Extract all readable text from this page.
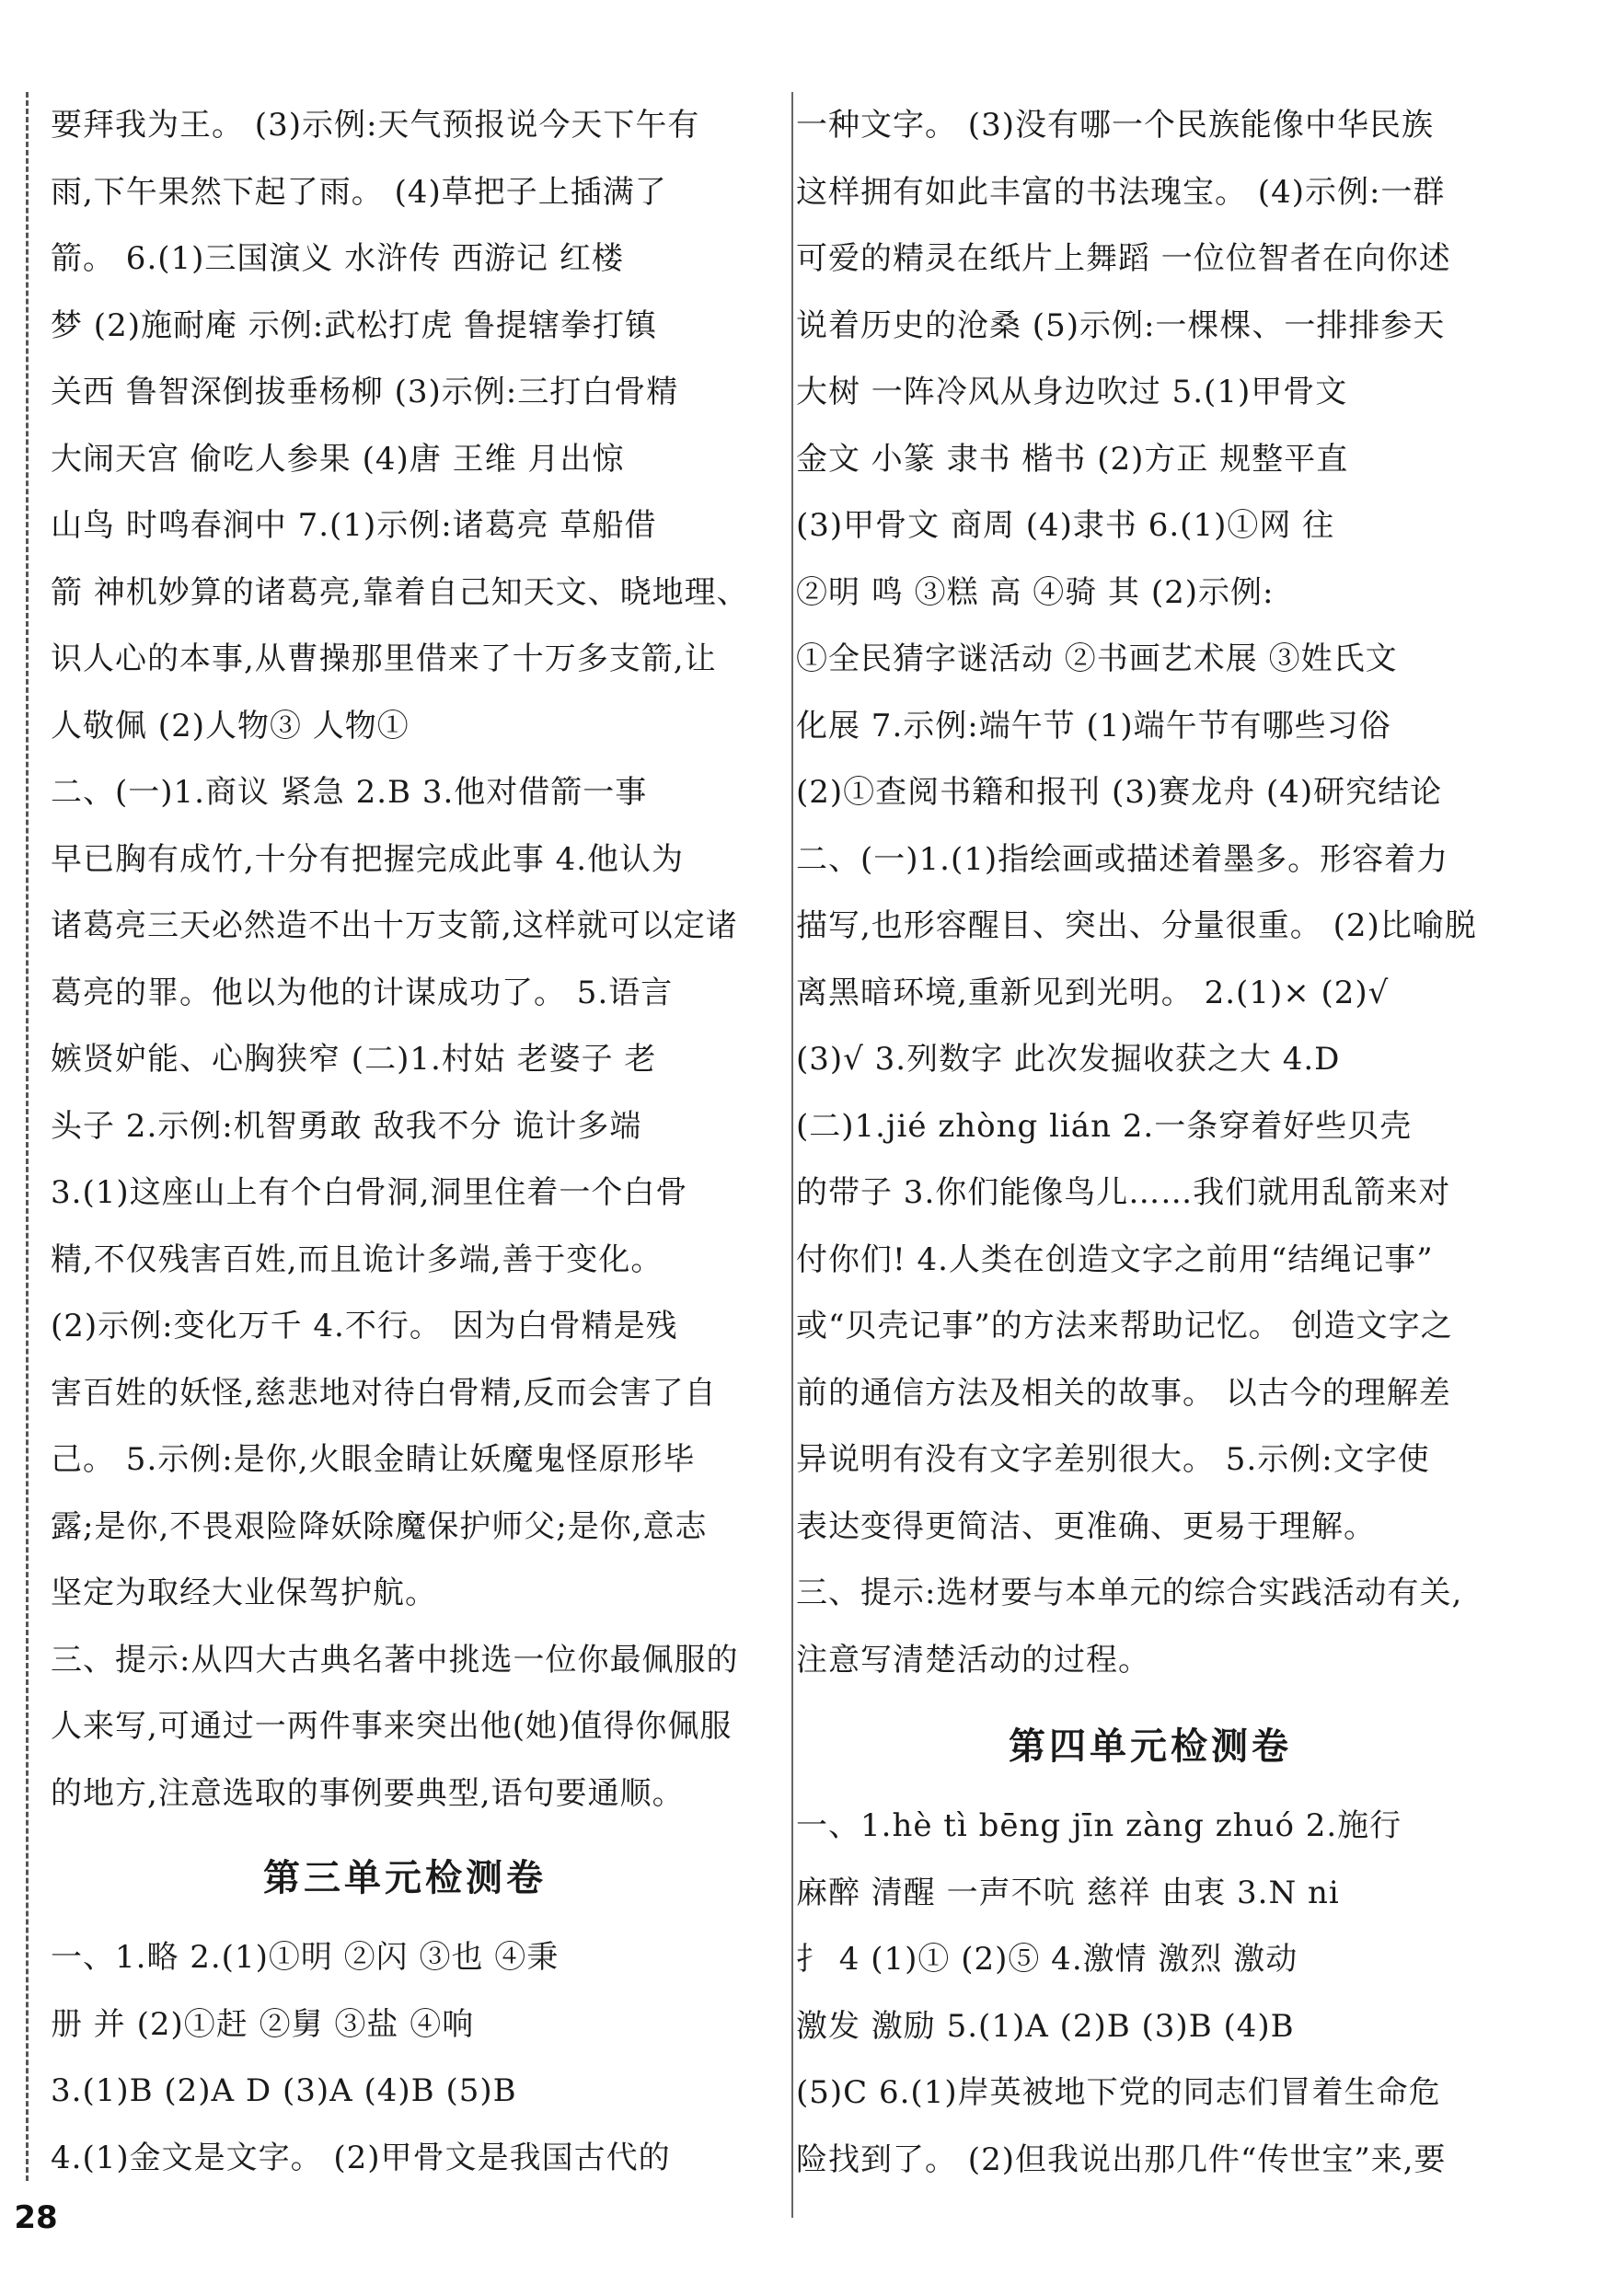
要拜我为王。 (3)示例:天气预报说今天下午有
雨,下午果然下起了雨。 (4)草把子上插满了
箭。 6.(1)三国演义 水浒传 西游记 红楼
梦 (2)施耐庵 示例:武松打虎 鲁提辖拳打镇
关西 鲁智深倒拔垂杨柳 (3)示例:三打白骨精
大闹天宫 偷吃人参果 (4)唐 王维 月出惊
山鸟 时鸣春涧中 7.(1)示例:诸葛亮 草船借
箭 神机妙算的诸葛亮,靠着自己知天文、晓地理、
识人心的本事,从曹操那里借来了十万多支箭,让
人敬佩 (2)人物③ 人物①
二、(一)1.商议 紧急 2.B 3.他对借箭一事
早已胸有成竹,十分有把握完成此事 4.他认为
诸葛亮三天必然造不出十万支箭,这样就可以定诸
葛亮的罪。他以为他的计谋成功了。 5.语言
嫉贤妒能、心胸狭窄 (二)1.村姑 老婆子 老
头子 2.示例:机智勇敢 敌我不分 诡计多端
3.(1)这座山上有个白骨洞,洞里住着一个白骨
精,不仅残害百姓,而且诡计多端,善于变化。
(2)示例:变化万千 4.不行。 因为白骨精是残
害百姓的妖怪,慈悲地对待白骨精,反而会害了自
己。 5.示例:是你,火眼金睛让妖魔鬼怪原形毕
露;是你,不畏艰险降妖除魔保护师父;是你,意志
坚定为取经大业保驾护航。
三、提示:从四大古典名著中挑选一位你最佩服的
人来写,可通过一两件事来突出他(她)值得你佩服
的地方,注意选取的事例要典型,语句要通顺。
第三单元检测卷
一、1.略 2.(1)①明 ②闪 ③也 ④秉
册 并 (2)①赶 ②舅 ③盐 ④响
3.(1)B (2)A D (3)A (4)B (5)B
4.(1)金文是文字。 (2)甲骨文是我国古代的
一种文字。 (3)没有哪一个民族能像中华民族
这样拥有如此丰富的书法瑰宝。 (4)示例:一群
可爱的精灵在纸片上舞蹈 一位位智者在向你述
说着历史的沧桑 (5)示例:一棵棵、一排排参天
大树 一阵冷风从身边吹过 5.(1)甲骨文
金文 小篆 隶书 楷书 (2)方正 规整平直
(3)甲骨文 商周 (4)隶书 6.(1)①网 往
②明 鸣 ③糕 高 ④骑 其 (2)示例:
①全民猜字谜活动 ②书画艺术展 ③姓氏文
化展 7.示例:端午节 (1)端午节有哪些习俗
(2)①查阅书籍和报刊 (3)赛龙舟 (4)研究结论
二、(一)1.(1)指绘画或描述着墨多。形容着力
描写,也形容醒目、突出、分量很重。 (2)比喻脱
离黑暗环境,重新见到光明。 2.(1)× (2)√
(3)√ 3.列数字 此次发掘收获之大 4.D
(二)1.jié zhòng lián 2.一条穿着好些贝壳
的带子 3.你们能像鸟儿……我们就用乱箭来对
付你们! 4.人类在创造文字之前用“结绳记事”
或“贝壳记事”的方法来帮助记忆。 创造文字之
前的通信方法及相关的故事。 以古今的理解差
异说明有没有文字差别很大。 5.示例:文字使
表达变得更简洁、更准确、更易于理解。
三、提示:选材要与本单元的综合实践活动有关,
注意写清楚活动的过程。
第四单元检测卷
一、1.hè tì bēng jīn zàng zhuó 2.施行
麻醉 清醒 一声不吭 慈祥 由衷 3.N ni
扌 4 (1)① (2)⑤ 4.激情 激烈 激动
激发 激励 5.(1)A (2)B (3)B (4)B
(5)C 6.(1)岸英被地下党的同志们冒着生命危
险找到了。 (2)但我说出那几件“传世宝”来,要
28
